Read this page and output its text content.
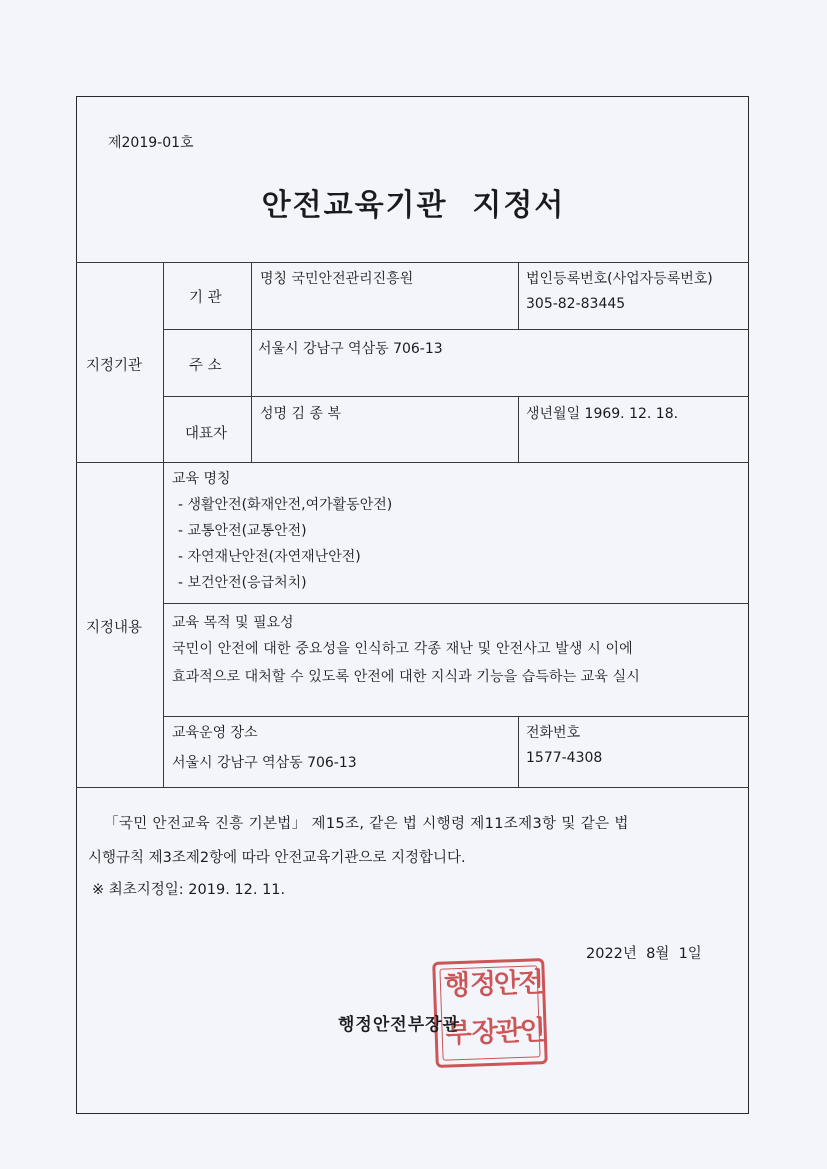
제2019-01호
안전교육기관  지정서
지정기관
기 관
명칭 국민안전관리진흥원	법인등록번호(사업자등록번호)
305-82-83445
주 소
서울시 강남구 역삼동 706-13
대표자
성명 김 종 복	생년월일 1969. 12. 18.
지정내용
교육 명칭
- 생활안전(화재안전,여가활동안전)
- 교통안전(교통안전)
- 자연재난안전(자연재난안전)
- 보건안전(응급처치)
교육 목적 및 필요성
국민이 안전에 대한 중요성을 인식하고 각종 재난 및 안전사고 발생 시 이에
효과적으로 대처할 수 있도록 안전에 대한 지식과 기능을 습득하는 교육 실시
교육운영 장소
서울시 강남구 역삼동 706-13
전화번호
1577-4308
「국민 안전교육 진흥 기본법」 제15조, 같은 법 시행령 제11조제3항 및 같은 법
시행규칙 제3조제2항에 따라 안전교육기관으로 지정합니다.
※ 최초지정일: 2019. 12. 11.
2022년  8월  1일
행
정
안
전
부
장
관
인
행정안전부장관
